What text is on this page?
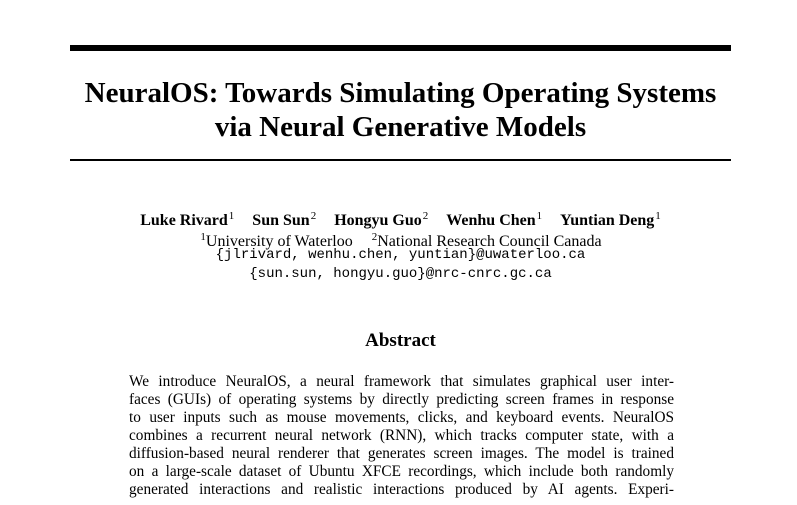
NeuralOS: Towards Simulating Operating Systems
via Neural Generative Models
Luke Rivard$^1$ Sun Sun$^2$ Hongyu Guo$^2$ Wenhu Chen$^1$ Yuntian Deng$^1$
$^1$University of Waterloo $^2$National Research Council Canada
{jlrivard, wenhu.chen, yuntian}@uwaterloo.ca
{sun.sun, hongyu.guo}@nrc-cnrc.gc.ca
Abstract
We introduce NeuralOS, a neural framework that simulates graphical user inter-
faces (GUIs) of operating systems by directly predicting screen frames in response
to user inputs such as mouse movements, clicks, and keyboard events. NeuralOS
combines a recurrent neural network (RNN), which tracks computer state, with a
diffusion-based neural renderer that generates screen images. The model is trained
on a large-scale dataset of Ubuntu XFCE recordings, which include both randomly
generated interactions and realistic interactions produced by AI agents. Experi-
